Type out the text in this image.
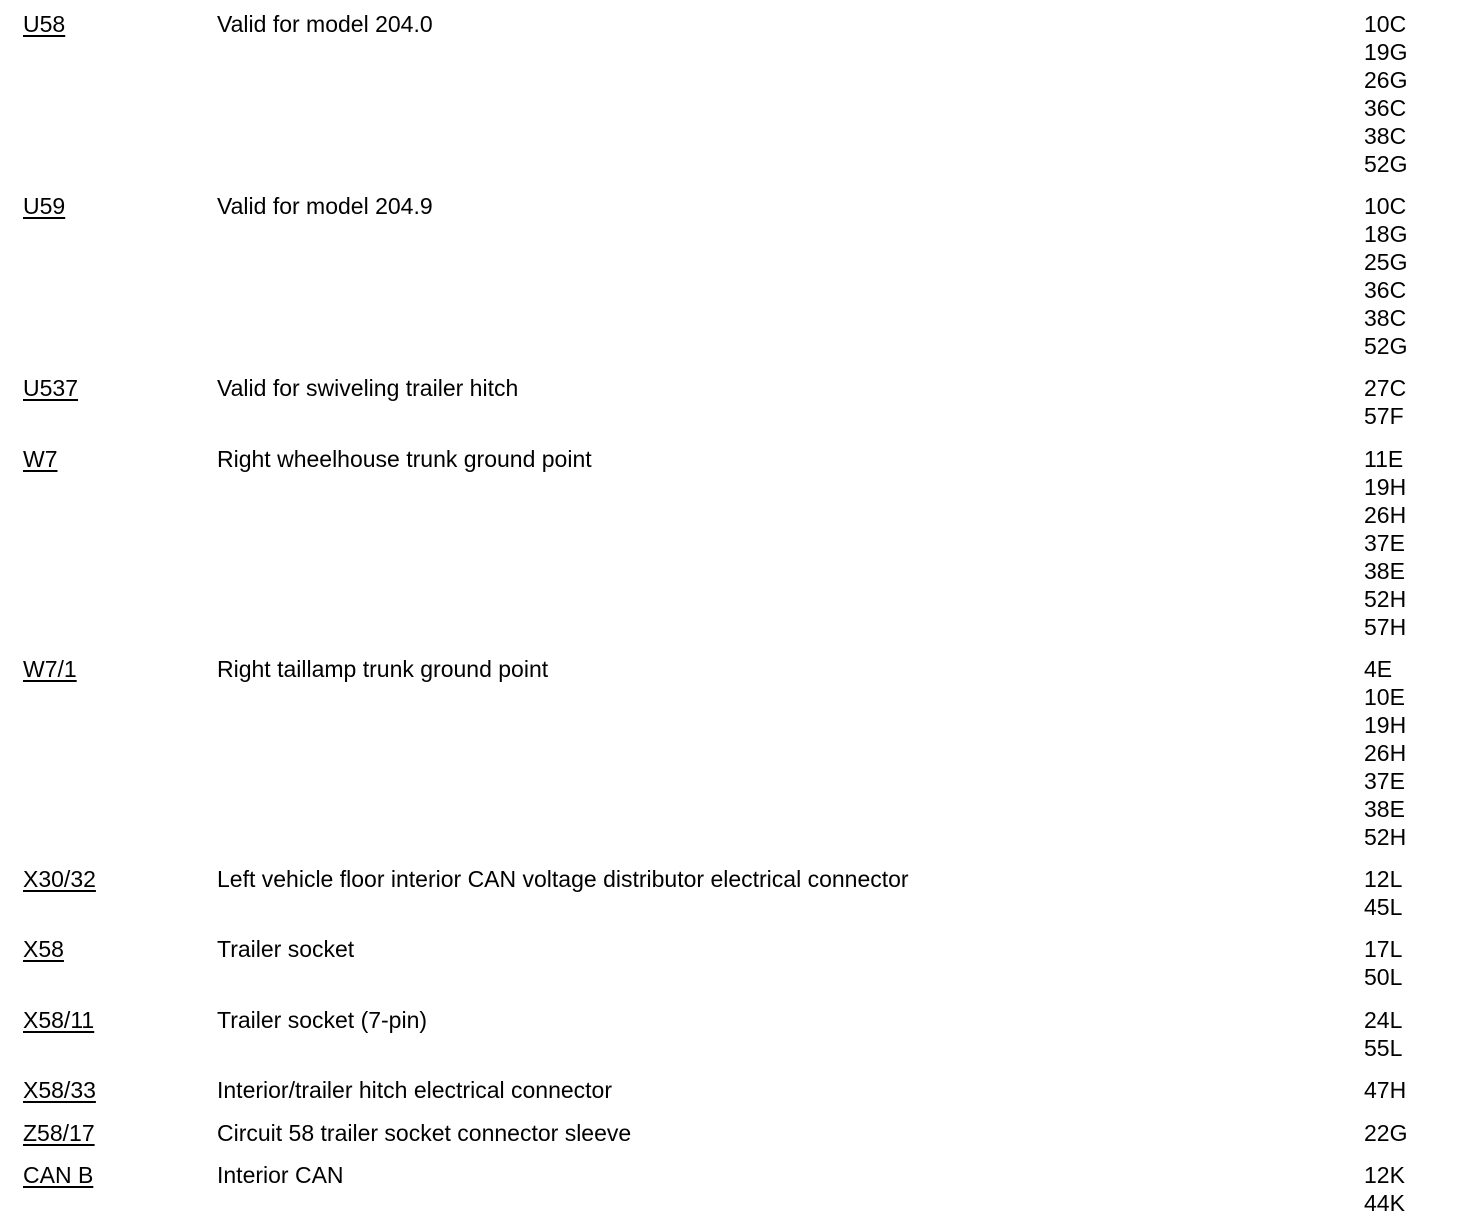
U58	Valid for model 204.0	10C
19G
26G
36C
38C
52G
U59	Valid for model 204.9	10C
18G
25G
36C
38C
52G
U537	Valid for swiveling trailer hitch	27C
57F
W7	Right wheelhouse trunk ground point	11E
19H
26H
37E
38E
52H
57H
W7/1	Right taillamp trunk ground point	4E
10E
19H
26H
37E
38E
52H
X30/32	Left vehicle floor interior CAN voltage distributor electrical connector	12L
45L
X58	Trailer socket	17L
50L
X58/11	Trailer socket (7-pin)	24L
55L
X58/33	Interior/trailer hitch electrical connector	47H
Z58/17	Circuit 58 trailer socket connector sleeve	22G
CAN B	Interior CAN	12K
44K
